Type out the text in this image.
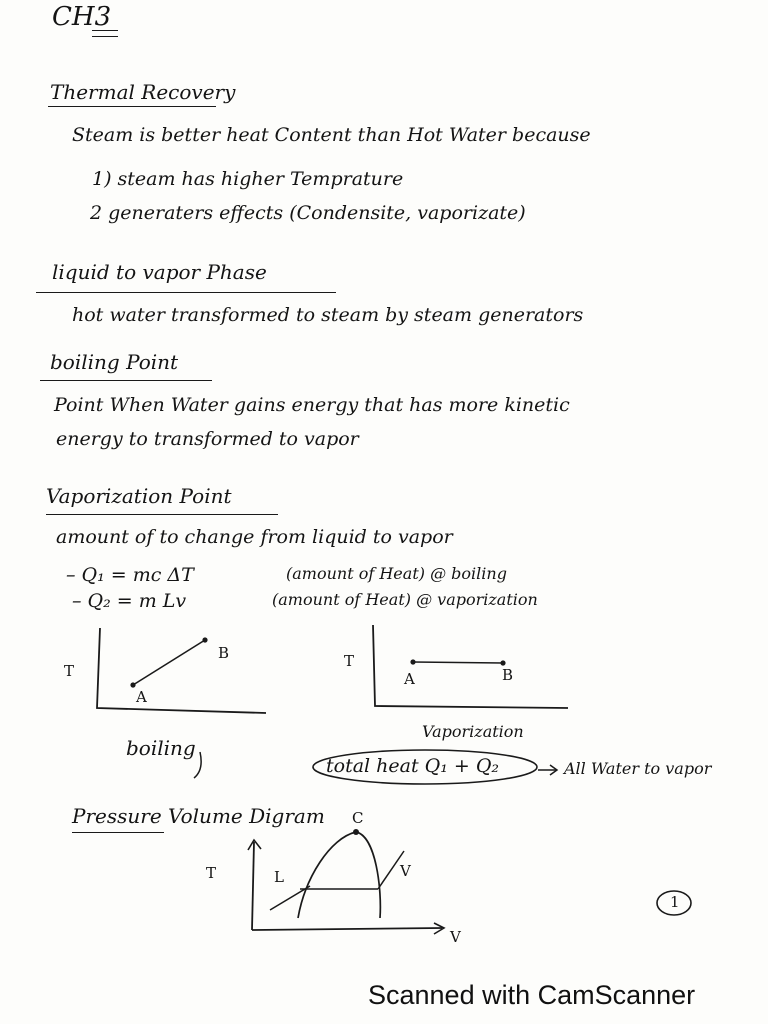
CH3
Thermal Recovery
Steam is better heat Content than Hot Water because
1) steam has higher Temprature
2 generaters effects (Condensite, vaporizate)
liquid to vapor Phase
hot water transformed to steam by steam generators
boiling Point
Point When Water gains energy that has more kinetic
energy to transformed to vapor
Vaporization Point
amount of to change from liquid to vapor
– Q₁ = mc ΔT	(amount of Heat) @ boiling
– Q₂ = m Lv	(amount of Heat) @ vaporization
T
A
B
boiling
T
A	B
Vaporization
total heat Q₁ + Q₂	All Water to vapor
Pressure Volume Digram
T
V
C
L	V
1
Scanned with CamScanner
